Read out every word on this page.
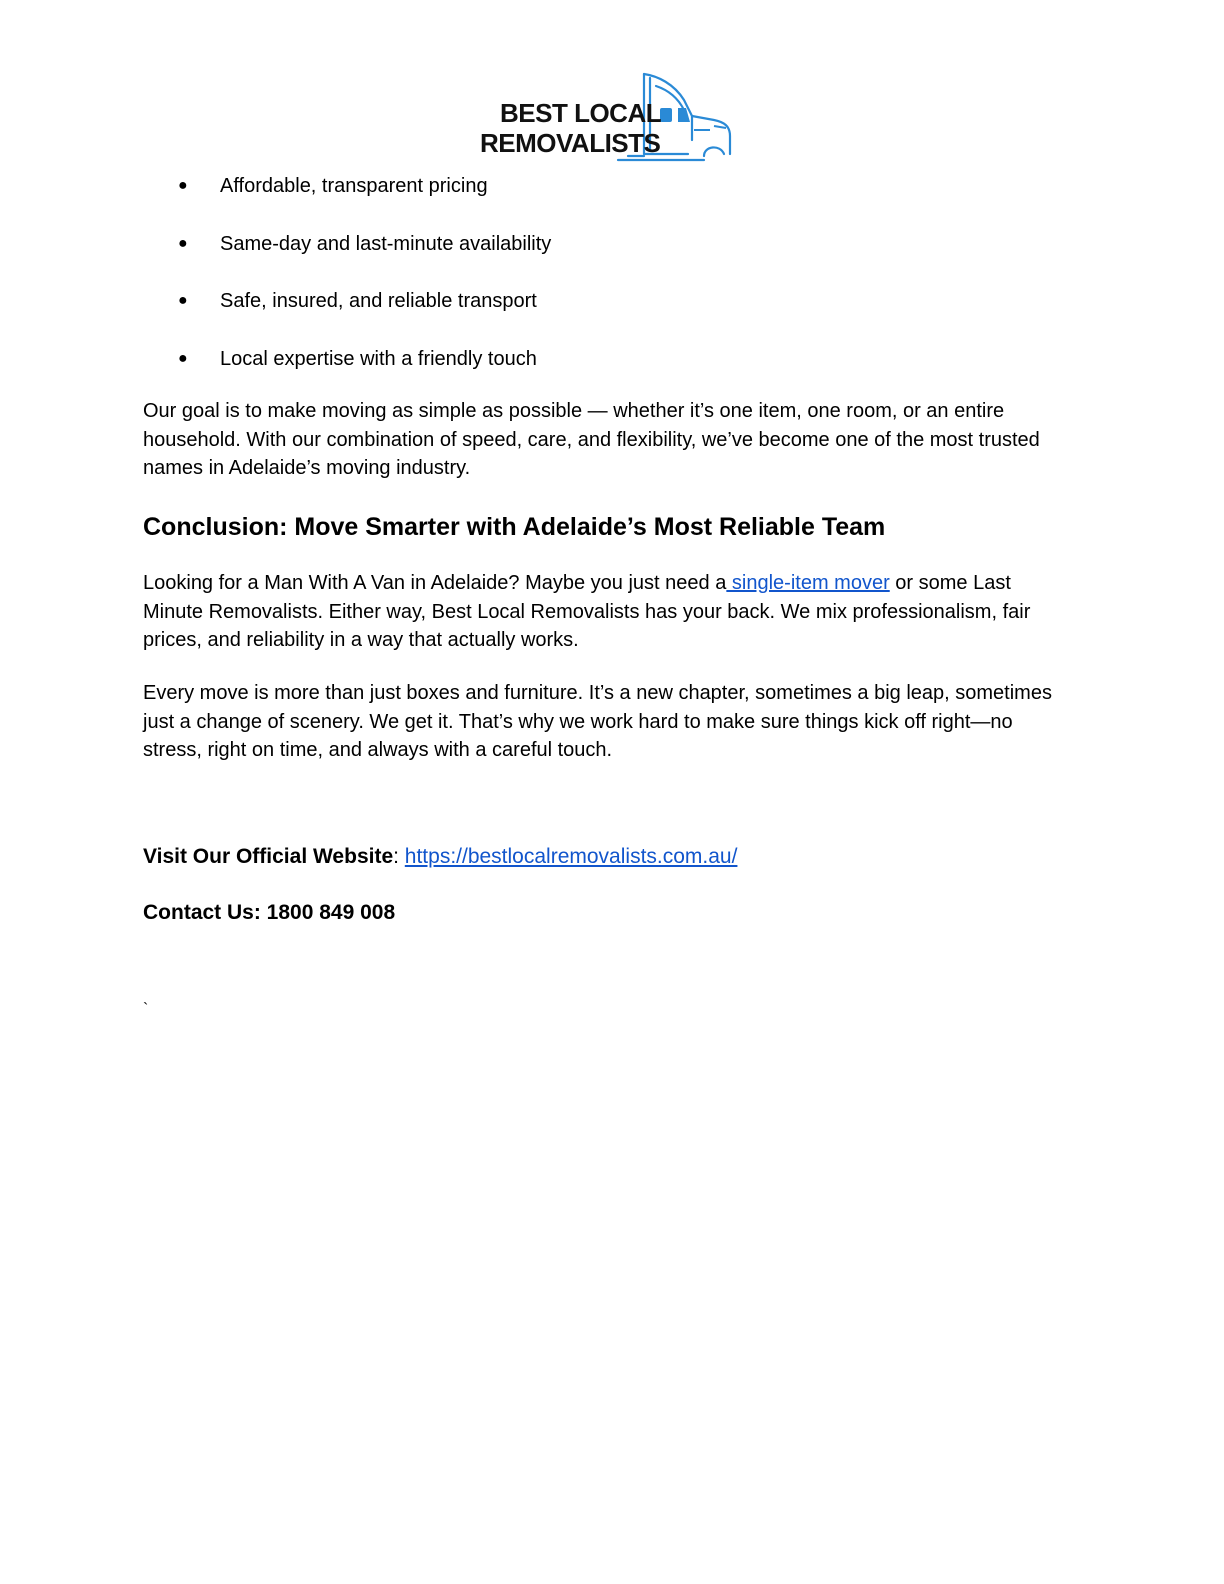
BEST LOCAL
REMOVALISTS
● Affordable, transparent pricing
● Same-day and last-minute availability
● Safe, insured, and reliable transport
● Local expertise with a friendly touch

Our goal is to make moving as simple as possible — whether it’s one item, one room, or an entire household. With our combination of speed, care, and flexibility, we’ve become one of the most trusted names in Adelaide’s moving industry.

Conclusion: Move Smarter with Adelaide’s Most Reliable Team

Looking for a Man With A Van in Adelaide? Maybe you just need a single-item mover or some Last Minute Removalists. Either way, Best Local Removalists has your back. We mix professionalism, fair prices, and reliability in a way that actually works.

Every move is more than just boxes and furniture. It’s a new chapter, sometimes a big leap, sometimes just a change of scenery. We get it. That’s why we work hard to make sure things kick off right—no stress, right on time, and always with a careful touch.

Visit Our Official Website: https://bestlocalremovalists.com.au/

Contact Us: 1800 849 008

`
